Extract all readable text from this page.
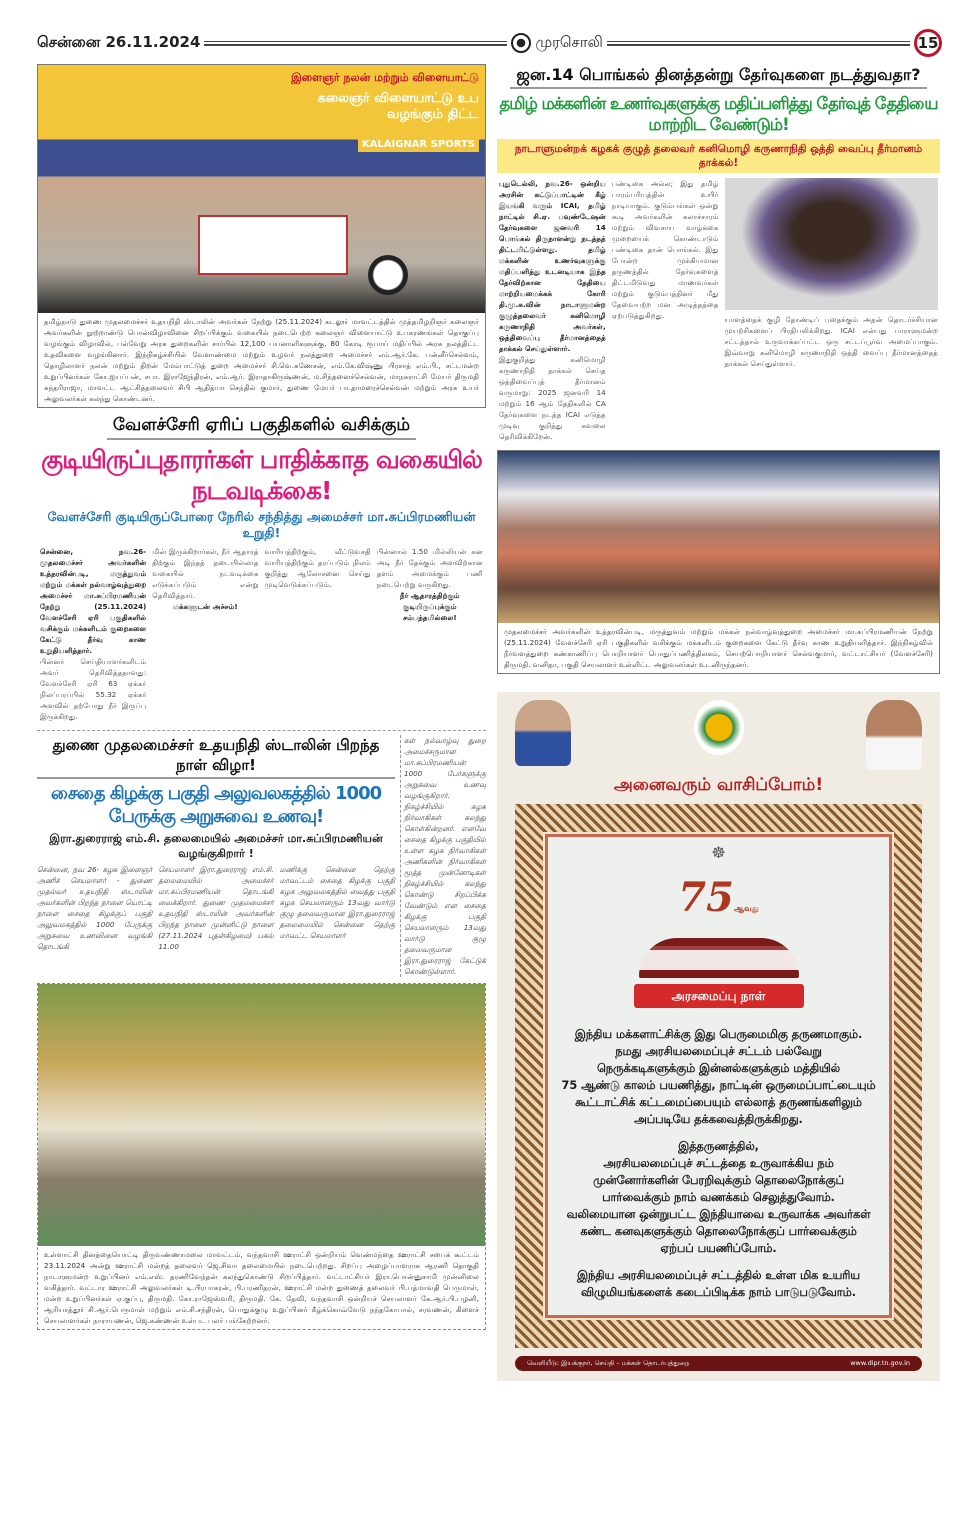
சென்னை 26.11.2024	முரசொலி	15
இளைஞர் நலன் மற்றும் விளையாட்டு
கலைஞர் விளையாட்டு உப
வழங்கும் திட்ட
KALAIGNAR SPORTS
தமிழ்நாடு துணை முதலமைச்சர் உதயநிதி ஸ்டாலின் அவர்கள் நேற்று (25.11.2024) கடலூர் மாவட்டத்தில் முத்தமிழறிஞர் கலைஞர் அவர்களின் நூற்றாண்டு பொன்விழாவினை சிறப்பிக்கும் வகையில் நடைபெற்ற கலைஞர் விளையாட்டு உபகரணங்கள் தொகுப்பு வழங்கும் விழாவில், பல்வேறு அரசு துறைகளின் சார்பில் 12,100 பயனாளிகளுக்கு, 80 கோடி ரூபாய் மதிப்பில் அரசு நலத்திட்ட உதவிகளை வழங்கினார். இந்நிகழ்ச்சியில் வேளாண்மை மற்றும் உழவர் நலத்துறை அமைச்சர் எம்.ஆர்.கே. பன்னீர்செல்வம், தொழிலாளர் நலன் மற்றும் திறன் மேம்பாட்டுத் துறை அமைச்சர் சி.வெ.கணேசன், எம்.கே.விஷ்ணு பிரசாத் எம்.பி., சட்டமன்ற உறுப்பினர்கள் கோ.ஐயப்பன், சபா. இராஜேந்திரன், எம்.ஆர். இராதாகிருஷ்ணன், ம.சிந்தனைச்செல்வன், மாநகராட்சி மேயர் திருமதி சுந்தரிராஜா, மாவட்ட ஆட்சித்தலைவர் சிபி ஆதித்யா செந்தில் குமார், துணை மேயர் பா.தாமரைச்செல்வன் மற்றும் அரசு உயர் அலுவலர்கள் கலந்து கொண்டனர்.
வேளச்சேரி ஏரிப் பகுதிகளில் வசிக்கும்
குடியிருப்புதாரர்கள் பாதிக்காத வகையில் நடவடிக்கை!
வேளச்சேரி குடியிருப்போரை நேரில் சந்தித்து அமைச்சர் மா.சுப்பிரமணியன் உறுதி!

சென்னை, நவ.26- முதலமைச்சர் அவர்களின் உத்தரவின்படி, மருத்துவம் மற்றும் மக்கள் நல்வாழ்வுத்துறை அமைச்சர் மா.சுப்பிரமணியன் நேற்று (25.11.2024) வேளச்சேரி ஏரி பகுதிகளில் வசிக்கும் மக்களிடம் குறைகளை கேட்டு தீர்வு காண உறுதியளித்தார்.

பின்னர் செய்தியாளர்களிடம் அவர் தெரிவித்ததாவது: வேளச்சேரி ஏரி 63 ஏக்கர் நிலப்பரப்பில் 55.32 ஏக்கர் அளவில் தற்போது நீர் இருப்பு இருக்கிறது.

மின் இருக்கிறார்கள், நீர் ஆதாரத் திற்கும் இந்தத் தடையில்லாத வகையில் நடவடிக்கை எடுக்கப்படும் என்று தெரிவித்தார்.

மக்களுடன் அச்சம்!

வாரியத்திற்கும், வீட்டுவசதி வாரியத்திற்கும் தரப்படும் நிலம் குறித்து ஆலோசனை செய்து முடிவெடுக்கப்படும்.

பின்னால் 1.50 மில்லியன் கன அடி நீர் தேக்கும் அளவிற்கான தளம் அமைக்கும் பணி நடைபெற்று வருகிறது.

நீர் ஆதாரத்திற்கும் குடியிருப்புக்கும் சம்பந்தமில்லை!

துணை முதலமைச்சர் உதயநிதி ஸ்டாலின் பிறந்த நாள் விழா!
சைதை கிழக்கு பகுதி அலுவலகத்தில் 1000 பேருக்கு அறுசுவை உணவு!
இரா.துரைராஜ் எம்.சி. தலைமையில் அமைச்சர் மா.சுப்பிரமணியன் வழங்குகிறார் !
சென்னை, நவ 26- கழக இளைஞர் அணிச் செயலாளர் - துணை முதல்வர் உதயநிதி ஸ்டாலின் அவர்களின் பிறந்த நாளை யொட்டி நாளை சைதை கிழக்குப் பகுதி அலுவலகத்தில் 1000 பேருக்கு அறுசுவை உணவினை வழங்கி தொடங்கி
செயலாளர் இரா.துரைராஜ் எம்.சி. தலைமையில் அமைச்சர் மா.சுப்பிரமணியன் தொடங்கி வைக்கிறார். துணை முதலமைச்சர் உதயநிதி ஸ்டாலின் அவர்களின் பிறந்த நாளை முன்னிட்டு நாளை (27.11.2024 புதன்கிழமை) பகல் 11.00
மணிக்கு சென்னை தெற்கு மாவட்டம் சைதை கிழக்கு பகுதி கழக அலுவலகத்தில் வைத்து பகுதி கழக செயலாளரும் 13வது வார்டு குழு தலைவருமான இரா.துரைராஜ் தலைமையில் சென்னை தெற்கு மாவட்ட செயலாளர்
கள் நல்வாழ்வு துறை அமைச்சருமான மா.சுப்பிரமணியன் 1000 பேர்களுக்கு அறுசுவை உணவு வழங்குகிறார். நிகழ்ச்சியில் கழக நிர்வாகிகள் கலந்து கொள்கின்றனர். எனவே சைதை கிழக்கு பகுதியில் உள்ள கழக நிர்வாகிகள் அணிகளின் நிர்வாகிகள் மூத்த முன்னோடிகள் நிகழ்ச்சியில் கலந்து கொண்டு சிறப்பிக்க வேண்டும் என சைதை கிழக்கு பகுதி செயலாளரும் 13வது வார்டு குழு தலைவருமான இரா.துரைராஜ் கேட்டுக் கொண்டுள்ளார்.
உள்ளாட்சி தினத்தையொட்டி திருவண்ணாமலை மாவட்டம், வந்தவாசி ஊராட்சி ஒன்றியம் வெண்மந்தை ஊராட்சி சபைக் கூட்டம் 23.11.2024 அன்று ஊராட்சி மன்றத் தலைவர் ஜெ.சிவா தலைமையில் நடைபெற்றது. சிறப்பு அழைப்பாளராக ஆரணி தொகுதி நாடாளுமன்ற உறுப்பினர் எம்.எஸ். தரணிவேந்தன் கலந்துகொண்டு சிறப்பித்தார். வட்டாட்சியர் இரா.பொன்னுசாமி முன்னிலை வகித்தார். வட்டார ஊராட்சி அலுவலர்கள் டி.பிரபாகரன், பி.பரணிதரன், ஊராட்சி மன்ற துணைத் தலைவர் பி.பத்மாவதி பெருமாள், மன்ற உறுப்பினர்கள் ஏ.குப்பு, திருமதி. கோ.ராஜேஸ்வரி, திருமதி. கே. தேவி, வந்தவாசி ஒன்றியச் செயலாளர் கே.ஆர்.பி.பழனி, ஆரியாத்தூர் சி.ஆர்.பெருமாள் மற்றும் எம்.சி.சந்திரன், பொதுக்குழு உறுப்பினர் கீழ்க்கொவ்வேடு நந்தகோபால், சரவணன், கிளைச் செயலாளர்கள் நாராயணன், ஜெ.கண்ணன் உள்பட பலர் பங்கேற்றனர்.
ஜன.14 பொங்கல் தினத்தன்று தேர்வுகளை நடத்துவதா?
தமிழ் மக்களின் உணர்வுகளுக்கு மதிப்பளித்து தேர்வுத் தேதியை மாற்றிட வேண்டும்!
நாடாளுமன்றக் கழகக் குழுத் தலைவர் கனிமொழி கருணாநிதி ஒத்தி வைப்பு தீர்மானம் தாக்கல்!

புதுடெல்லி, நவ.26- ஒன்றிய அரசின் கட்டுப்பாட்டின் கீழ் இயங்கி வரும் ICAI, தமிழ் நாட்டில் சி.ஏ. பவுண்டேஷன் தேர்வுகளை ஜனவரி 14 பொங்கல் திருநாளன்று நடத்தத் திட்டமிட்டுள்ளது. தமிழ் மக்களின் உணர்வுகளுக்கு மதிப்பளித்து உடனடியாக இந்த தேர்விற்கான தேதியை மாற்றியமைக்கக் கோரி தி.மு.க.வின் நாடாளுமன்ற குழுத்தலைவர் கனிமொழி கருணாநிதி அவர்கள், ஒத்திவைப்பு தீர்மானத்தைத் தாக்கல் செய்துள்ளார்.

இதுகுறித்து கனிமொழி கருணாநிதி தாக்கல் செய்த ஒத்திவைப்புத் தீர்மானம் வருமாறு: 2025 ஜனவரி 14 மற்றும் 16 ஆம் தேதிகளில் CA தேர்வுகளை நடத்த ICAI எடுத்த முடிவு குறித்து கவலை தெரிவிக்கிறேன்.

பண்டிகை அல்ல; இது தமிழ் பாரம்பரியத்தின் உயிர் நாடியாகும். குடும்பங்கள் ஒன்று கூடி அவர்களின் கலாச்சாரம் மற்றும் விவசாய வாழ்க்கை முறையைக் கொண்டாடும் பண்டிகை தான் பொங்கல். இது போன்ற முக்கியமான தருணத்தில் தேர்வுகளைத் திட்டமிடுவது மாணவர்கள் மற்றும் குடும்பத்தினர் மீது தேவையற்ற மன அழுத்தத்தை ஏற்படுத்துகிறது.	யாளத்தைக் குழி தோண்டிப் புதைக்கும் அதன் தொடர்ச்சியான முயற்சிகளைப் பிரதிபலிக்கிறது. ICAI என்பது பாராளுமன்ற சட்டத்தால் உருவாக்கப்பட்ட ஒரு சட்டப்பூர்வ அமைப்பாகும். இவ்வாறு கனிமொழி கருணாநிதி ஒத்தி வைப்பு தீர்மானத்தைத் தாக்கல் செய்துள்ளார்.

முதலமைச்சர் அவர்களின் உத்தரவின்படி, மருத்துவம் மற்றும் மக்கள் நல்வாழ்வுத்துறை அமைச்சர் மா.சுப்பிரமணியன் நேற்று (25.11.2024) வேளச்சேரி ஏரி பகுதிகளில் வசிக்கும் மக்களிடம் குறைகளை கேட்டு தீர்வு காண உறுதியளித்தார். இந்நிகழ்வில் நீர்வளத்துறை கண்காணிப்பு பொறியாளர் பொதுப்பணித்திலகம், செயற்பொறியாளர் செல்வகுமார், வட்டாட்சியர் (வேளச்சேரி) திருமதி. வனிதா, பகுதி செயலாளர் உள்ளிட்ட அலுவலர்கள் உடனிருந்தனர்.
அனைவரும் வாசிப்போம்!
☸
75ஆவது
அரசமைப்பு நாள்
இந்திய மக்களாட்சிக்கு இது பெருமைமிகு தருணமாகும்.
நமது அரசியலமைப்புச் சட்டம் பல்வேறு
நெருக்கடிகளுக்கும் இன்னல்களுக்கும் மத்தியில்
75 ஆண்டு காலம் பயணித்து, நாட்டின் ஒருமைப்பாட்டையும்
கூட்டாட்சிக் கட்டமைப்பையும் எல்லாத் தருணங்களிலும்
அப்படியே தக்கவைத்திருக்கிறது.
இத்தருணத்தில்,
அரசியலமைப்புச் சட்டத்தை உருவாக்கிய நம்
முன்னோர்களின் பேரறிவுக்கும் தொலைநோக்குப்
பார்வைக்கும் நாம் வணக்கம் செலுத்துவோம்.
வலிமையான ஒன்றுபட்ட இந்தியாவை உருவாக்க அவர்கள்
கண்ட கனவுகளுக்கும் தொலைநோக்குப் பார்வைக்கும்
ஏற்பப் பயணிப்போம்.
இந்திய அரசியலமைப்புச் சட்டத்தில் உள்ள மிக உயரிய
விழுமியங்களைக் கடைப்பிடிக்க நாம் பாடுபடுவோம்.
வெளியீடு: இயக்குநர், செய்தி – மக்கள் தொடர்புத்துறை	www.dipr.tn.gov.in
